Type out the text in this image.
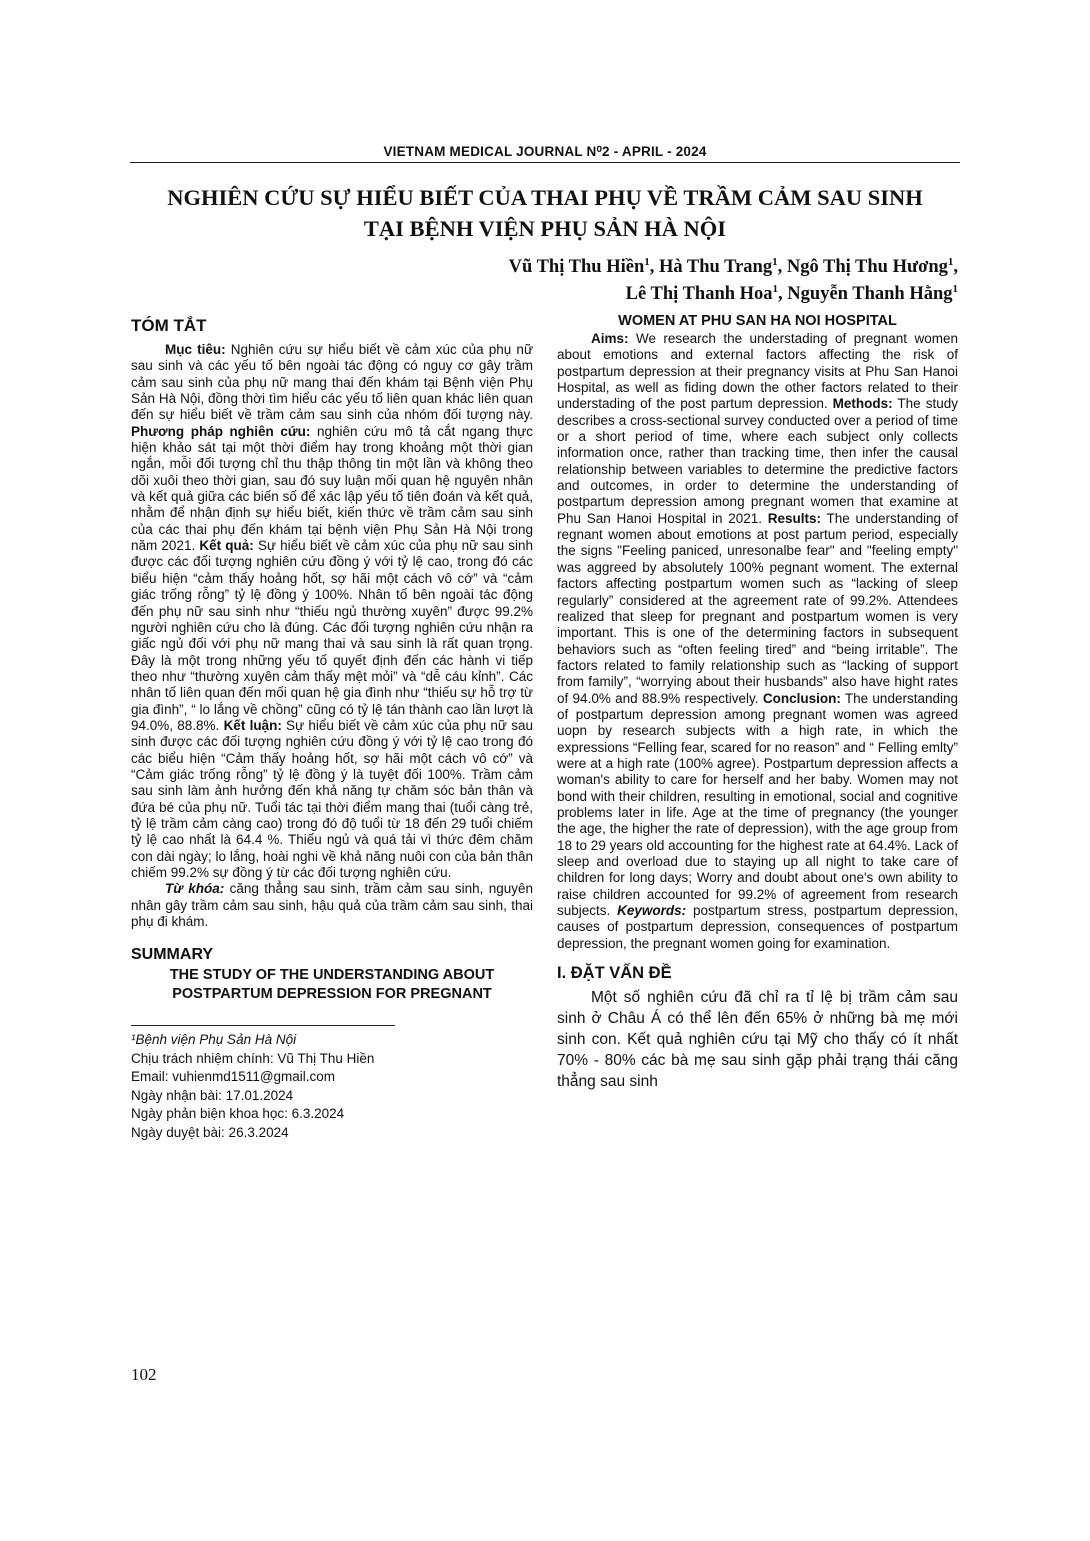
VIETNAM MEDICAL JOURNAL N⁰2 - APRIL - 2024
NGHIÊN CỨU SỰ HIỂU BIẾT CỦA THAI PHỤ VỀ TRẦM CẢM SAU SINH
TẠI BỆNH VIỆN PHỤ SẢN HÀ NỘI
Vũ Thị Thu Hiền$^1$, Hà Thu Trang$^1$, Ngô Thị Thu Hương$^1$,
Lê Thị Thanh Hoa$^1$, Nguyễn Thanh Hằng$^1$
TÓM TẮT

Mục tiêu: Nghiên cứu sự hiểu biết về cảm xúc của phụ nữ sau sinh và các yếu tố bên ngoài tác động có nguy cơ gây trầm cảm sau sinh của phụ nữ mang thai đến khám tại Bệnh viện Phụ Sản Hà Nội, đồng thời tìm hiểu các yếu tố liên quan khác liên quan đến sự hiểu biết về trầm cảm sau sinh của nhóm đối tượng này. Phương pháp nghiên cứu: nghiên cứu mô tả cắt ngang thực hiện khảo sát tại một thời điểm hay trong khoảng một thời gian ngắn, mỗi đối tượng chỉ thu thập thông tin một lần và không theo dõi xuôi theo thời gian, sau đó suy luận mối quan hệ nguyên nhân và kết quả giữa các biến số để xác lập yếu tố tiên đoán và kết quả, nhằm để nhận định sự hiểu biết, kiến thức về trầm cảm sau sinh của các thai phụ đến khám tại bệnh viện Phụ Sản Hà Nội trong năm 2021. Kết quả: Sự hiểu biết về cảm xúc của phụ nữ sau sinh được các đối tượng nghiên cứu đồng ý với tỷ lệ cao, trong đó các biểu hiện “cảm thấy hoảng hốt, sợ hãi một cách vô cớ” và “cảm giác trống rỗng” tỷ lệ đồng ý 100%. Nhân tố bên ngoài tác động đến phụ nữ sau sinh như “thiếu ngủ thường xuyên” được 99.2% người nghiên cứu cho là đúng. Các đối tượng nghiên cứu nhận ra giấc ngủ đối với phụ nữ mang thai và sau sinh là rất quan trọng. Đây là một trong những yếu tố quyết định đến các hành vi tiếp theo như “thường xuyên cảm thấy mệt mỏi” và “dễ cáu kỉnh”. Các nhân tố liên quan đến mối quan hệ gia đình như “thiếu sự hỗ trợ từ gia đình”, “ lo lắng về chồng” cũng có tỷ lệ tán thành cao lần lượt là 94.0%, 88.8%. Kết luận: Sự hiểu biết về cảm xúc của phụ nữ sau sinh được các đối tượng nghiên cứu đồng ý với tỷ lệ cao trong đó các biểu hiện “Cảm thấy hoảng hốt, sợ hãi một cách vô cớ” và “Cảm giác trống rỗng” tỷ lệ đồng ý là tuyệt đối 100%. Trầm cảm sau sinh làm ảnh hưởng đến khả năng tự chăm sóc bản thân và đứa bé của phụ nữ. Tuổi tác tại thời điểm mang thai (tuổi càng trẻ, tỷ lệ trầm cảm càng cao) trong đó độ tuổi từ 18 đến 29 tuổi chiếm tỷ lệ cao nhất là 64.4 %. Thiếu ngủ và quá tải vì thức đêm chăm con dài ngày; lo lắng, hoài nghi về khả năng nuôi con của bản thân chiếm 99.2% sự đồng ý từ các đối tượng nghiên cứu.

Từ khóa: căng thẳng sau sinh, trầm cảm sau sinh, nguyên nhân gây trầm cảm sau sinh, hậu quả của trầm cảm sau sinh, thai phụ đi khám.

SUMMARY

THE STUDY OF THE UNDERSTANDING ABOUT
POSTPARTUM DEPRESSION FOR PREGNANT

¹Bệnh viện Phụ Sản Hà Nội
Chịu trách nhiệm chính: Vũ Thị Thu Hiền
Email: vuhienmd1511@gmail.com
Ngày nhận bài: 17.01.2024
Ngày phản biện khoa học: 6.3.2024
Ngày duyệt bài: 26.3.2024

WOMEN AT PHU SAN HA NOI HOSPITAL

Aims: We research the understading of pregnant women about emotions and external factors affecting the risk of postpartum depression at their pregnancy visits at Phu San Hanoi Hospital, as well as fiding down the other factors related to their understading of the post partum depression. Methods: The study describes a cross-sectional survey conducted over a period of time or a short period of time, where each subject only collects information once, rather than tracking time, then infer the causal relationship between variables to determine the predictive factors and outcomes, in order to determine the understanding of postpartum depression among pregnant women that examine at Phu San Hanoi Hospital in 2021. Results: The understanding of regnant women about emotions at post partum period, especially the signs "Feeling paniced, unresonalbe fear" and "feeling empty" was aggreed by absolutely 100% pegnant woment. The external factors affecting postpartum women such as “lacking of sleep regularly” considered at the agreement rate of 99.2%. Attendees realized that sleep for pregnant and postpartum women is very important. This is one of the determining factors in subsequent behaviors such as “often feeling tired” and “being irritable”. The factors related to family relationship such as “lacking of support from family”, “worrying about their husbands” also have hight rates of 94.0% and 88.9% respectively. Conclusion: The understanding of postpartum depression among pregnant women was agreed uopn by research subjects with a high rate, in which the expressions “Felling fear, scared for no reason” and “ Felling emlty” were at a high rate (100% agree). Postpartum depression affects a woman's ability to care for herself and her baby. Women may not bond with their children, resulting in emotional, social and cognitive problems later in life. Age at the time of pregnancy (the younger the age, the higher the rate of depression), with the age group from 18 to 29 years old accounting for the highest rate at 64.4%. Lack of sleep and overload due to staying up all night to take care of children for long days; Worry and doubt about one's own ability to raise children accounted for 99.2% of agreement from research subjects. Keywords: postpartum stress, postpartum depression, causes of postpartum depression, consequences of postpartum depression, the pregnant women going for examination.

I. ĐẶT VẤN ĐỀ

Một số nghiên cứu đã chỉ ra tỉ lệ bị trầm cảm sau sinh ở Châu Á có thể lên đến 65% ở những bà mẹ mới sinh con. Kết quả nghiên cứu tại Mỹ cho thấy có ít nhất 70% - 80% các bà mẹ sau sinh gặp phải trạng thái căng thẳng sau sinh

102
